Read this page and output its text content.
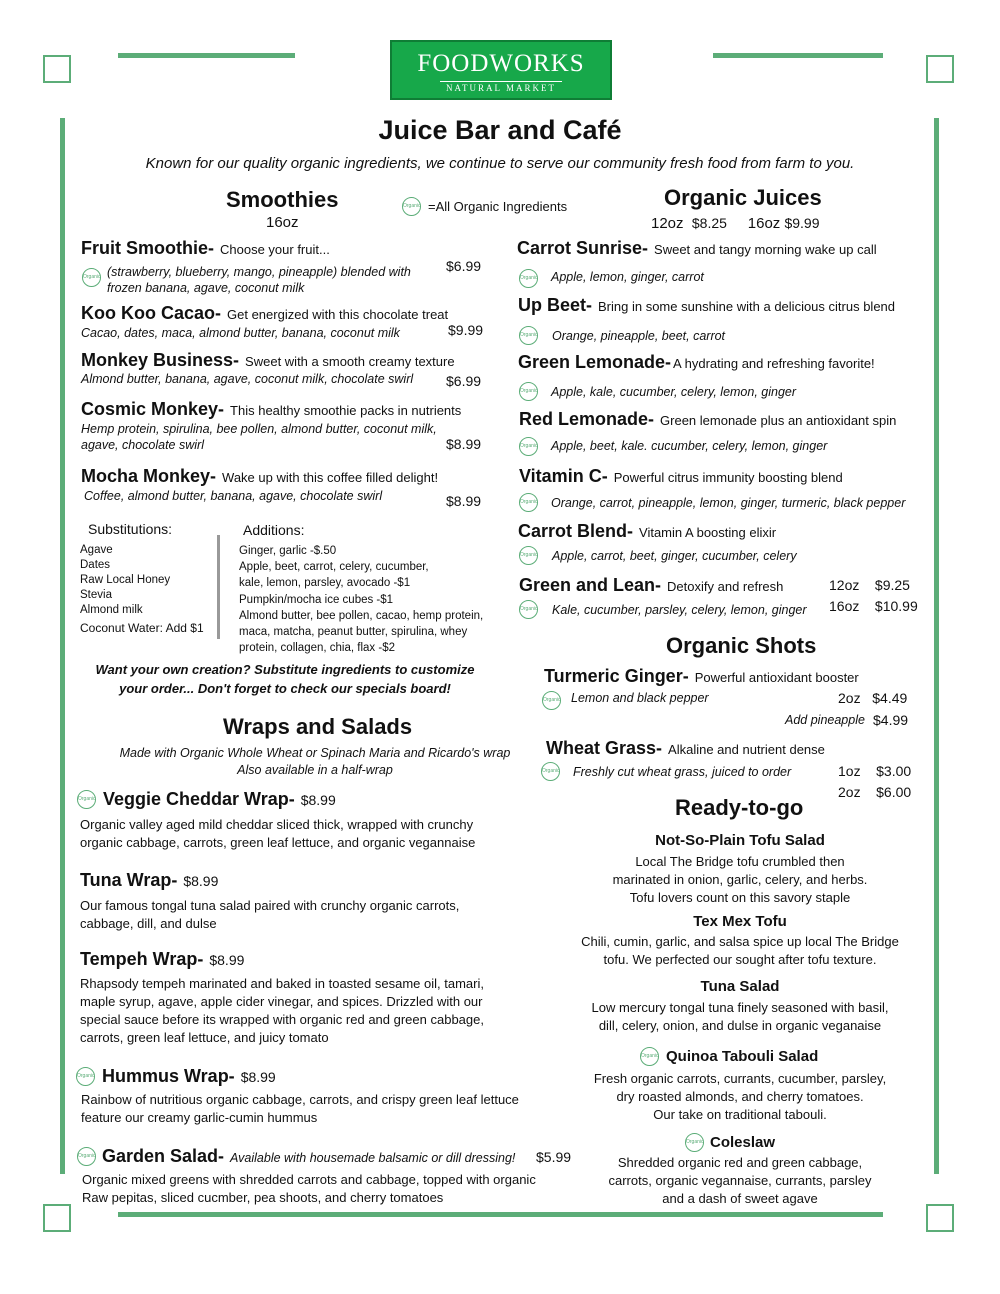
FOODWORKS
NATURAL MARKET
Juice Bar and Café
Known for our quality organic ingredients, we continue to serve our community fresh food from farm to you.
Smoothies
16oz
Organic =All Organic Ingredients
Fruit Smoothie- Choose your fruit...
Organic (strawberry, blueberry, mango, pineapple) blended with
frozen banana, agave, coconut milk
$6.99
Koo Koo Cacao- Get energized with this chocolate treat
Cacao, dates, maca, almond butter, banana, coconut milk	$9.99
Monkey Business- Sweet with a smooth creamy texture
Almond butter, banana, agave, coconut milk, chocolate swirl $6.99
Cosmic Monkey- This healthy smoothie packs in nutrients
Hemp protein, spirulina, bee pollen, almond butter, coconut milk,
agave, chocolate swirl	$8.99
Mocha Monkey- Wake up with this coffee filled delight!
Coffee, almond butter, banana, agave, chocolate swirl	$8.99
Substitutions:
Agave
Dates
Raw Local Honey
Stevia
Almond milk
Coconut Water: Add $1
Additions:
Ginger, garlic -$.50
Apple, beet, carrot, celery, cucumber,
kale, lemon, parsley, avocado -$1
Pumpkin/mocha ice cubes -$1
Almond butter, bee pollen, cacao, hemp protein,
maca, matcha, peanut butter, spirulina, whey
protein, collagen, chia, flax -$2
Want your own creation? Substitute ingredients to customize
your order... Don't forget to check our specials board!
Wraps and Salads
Made with Organic Whole Wheat or Spinach Maria and Ricardo's wrap
Also available in a half-wrap
Organic Veggie Cheddar Wrap- $8.99
Organic valley aged mild cheddar sliced thick, wrapped with crunchy
organic cabbage, carrots, green leaf lettuce, and organic vegannaise
Tuna Wrap- $8.99
Our famous tongal tuna salad paired with crunchy organic carrots,
cabbage, dill, and dulse
Tempeh Wrap- $8.99
Rhapsody tempeh marinated and baked in toasted sesame oil, tamari,
maple syrup, agave, apple cider vinegar, and spices. Drizzled with our
special sauce before its wrapped with organic red and green cabbage,
carrots, green leaf lettuce, and juicy tomato
Organic Hummus Wrap- $8.99
Rainbow of nutritious organic cabbage, carrots, and crispy green leaf lettuce
feature our creamy garlic-cumin hummus
Organic Garden Salad- Available with housemade balsamic or dill dressing! $5.99
Organic mixed greens with shredded carrots and cabbage, topped with organic
Raw pepitas, sliced cucmber, pea shoots, and cherry tomatoes
Organic Juices
12oz $8.25 16oz $9.99
Carrot Sunrise- Sweet and tangy morning wake up call
Organic Apple, lemon, ginger, carrot
Up Beet- Bring in some sunshine with a delicious citrus blend
Organic Orange, pineapple, beet, carrot
Green Lemonade- A hydrating and refreshing favorite!
Organic Apple, kale, cucumber, celery, lemon, ginger
Red Lemonade- Green lemonade plus an antioxidant spin
Organic Apple, beet, kale. cucumber, celery, lemon, ginger
Vitamin C- Powerful citrus immunity boosting blend
Organic Orange, carrot, pineapple, lemon, ginger, turmeric, black pepper
Carrot Blend- Vitamin A boosting elixir
Organic Apple, carrot, beet, ginger, cucumber, celery
Green and Lean- Detoxify and refresh
Organic Kale, cucumber, parsley, celery, lemon, ginger
12oz $9.25
16oz $10.99
Organic Shots
Turmeric Ginger- Powerful antioxidant booster
Organic Lemon and black pepper	2oz $4.49
Add pineapple $4.99
Wheat Grass- Alkaline and nutrient dense
Organic Freshly cut wheat grass, juiced to order	1oz $3.00
2oz $6.00
Ready-to-go
Not-So-Plain Tofu Salad
Local The Bridge tofu crumbled then
marinated in onion, garlic, celery, and herbs.
Tofu lovers count on this savory staple
Tex Mex Tofu
Chili, cumin, garlic, and salsa spice up local The Bridge
tofu. We perfected our sought after tofu texture.
Tuna Salad
Low mercury tongal tuna finely seasoned with basil,
dill, celery, onion, and dulse in organic veganaise
Organic Quinoa Tabouli Salad
Fresh organic carrots, currants, cucumber, parsley,
dry roasted almonds, and cherry tomatoes.
Our take on traditional tabouli.
Organic Coleslaw
Shredded organic red and green cabbage,
carrots, organic vegannaise, currants, parsley
and a dash of sweet agave
